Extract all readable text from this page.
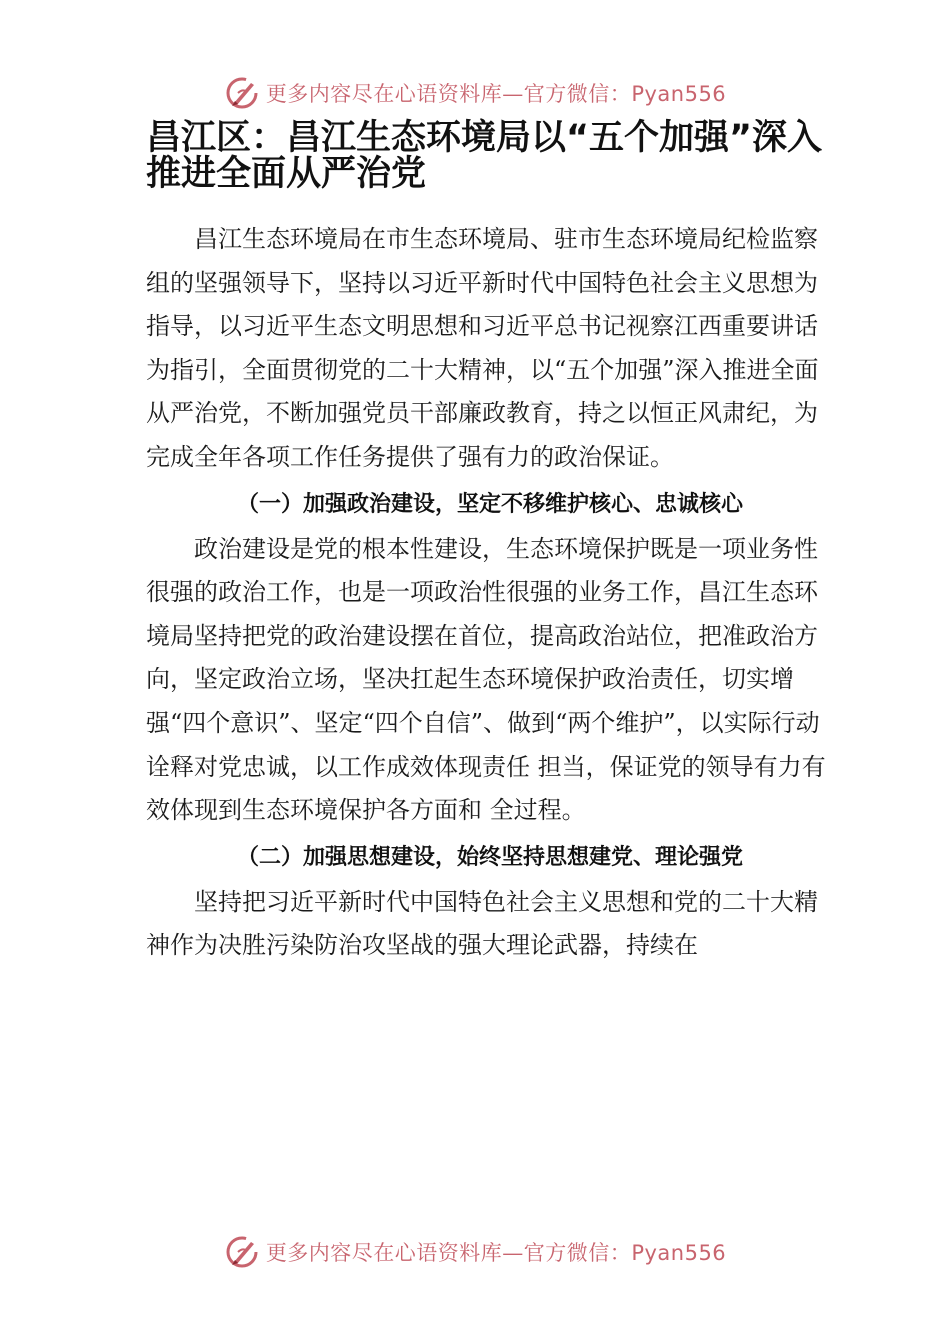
更多内容尽在心语资料库—官方微信：Pyan556
昌江区：昌江生态环境局以“五个加强”深入推进全面从严治党

昌江生态环境局在市生态环境局、驻市生态环境局纪检监察组的坚强领导下，坚持以习近平新时代中国特色社会主义思想为指导，以习近平生态文明思想和习近平总书记视察江西重要讲话为指引，全面贯彻党的二十大精神，以“五个加强”深入推进全面从严治党，不断加强党员干部廉政教育，持之以恒正风肃纪，为完成全年各项工作任务提供了强有力的政治保证。

（一）加强政治建设，坚定不移维护核心、忠诚核心

政治建设是党的根本性建设，生态环境保护既是一项业务性很强的政治工作，也是一项政治性很强的业务工作，昌江生态环境局坚持把党的政治建设摆在首位，提高政治站位，把准政治方向，坚定政治立场，坚决扛起生态环境保护政治责任，切实增强“四个意识”、坚定“四个自信”、做到“两个维护”，以实际行动诠释对党忠诚，以工作成效体现责任 担当，保证党的领导有力有效体现到生态环境保护各方面和 全过程。

（二）加强思想建设，始终坚持思想建党、理论强党

坚持把习近平新时代中国特色社会主义思想和党的二十大精神作为决胜污染防治攻坚战的强大理论武器，持续在

更多内容尽在心语资料库—官方微信：Pyan556
